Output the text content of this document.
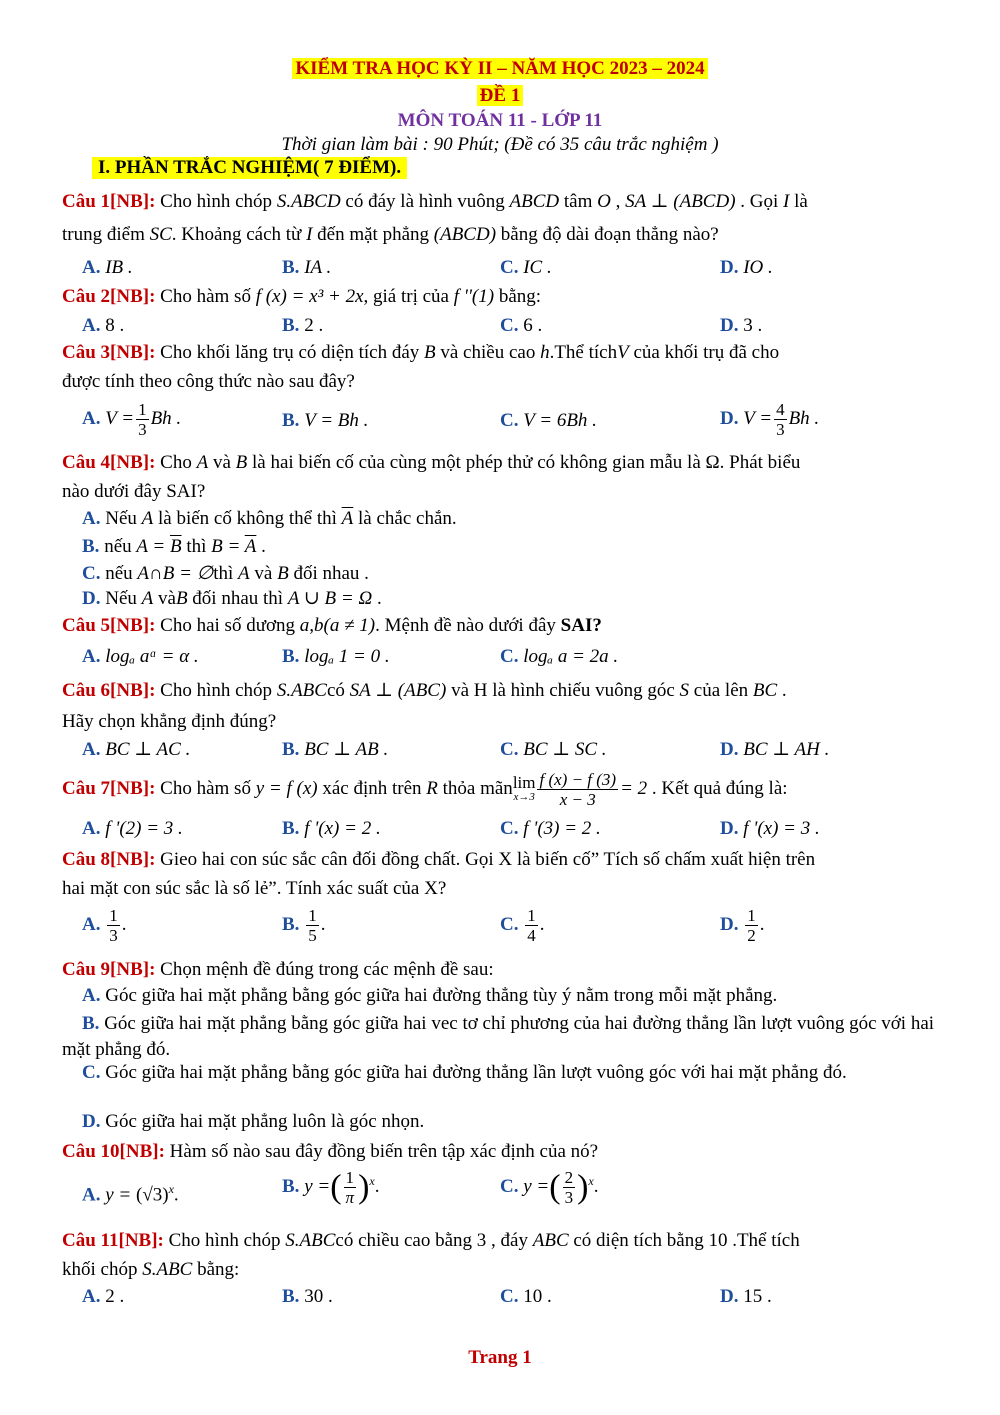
KIỂM TRA HỌC KỲ II – NĂM HỌC 2023 – 2024
ĐỀ 1
MÔN TOÁN 11 - LỚP 11
Thời gian làm bài : 90 Phút; (Đề có 35 câu trắc nghiệm )
I. PHẦN TRẮC NGHIỆM( 7 ĐIỂM).
Câu 1[NB]: Cho hình chóp S.ABCD có đáy là hình vuông ABCD tâm O , SA ⊥ (ABCD) . Gọi I là
trung điểm SC. Khoảng cách từ I đến mặt phẳng (ABCD) bằng độ dài đoạn thẳng nào?
A. IB .	B. IA .	C. IC .	D. IO .
Câu 2[NB]: Cho hàm số f (x) = x³ + 2x, giá trị của f ''(1) bằng:
A. 8 .	B. 2 .	C. 6 .	D. 3 .
Câu 3[NB]: Cho khối lăng trụ có diện tích đáy B và chiều cao h.Thể tíchV của khối trụ đã cho
được tính theo công thức nào sau đây?
A. $V = \frac{1}{3}$ Bh .	B. V = Bh .	C. V = 6Bh .	D. $V = \frac{4}{3}$ Bh .
Câu 4[NB]: Cho A và B là hai biến cố của cùng một phép thử có không gian mẫu là Ω. Phát biểu
nào dưới đây SAI?
A. Nếu A là biến cố không thể thì $\overline{A}$ là chắc chắn.
B. nếu $A = \overline{B}$ thì $B = \overline{A}$ .
C. nếu A∩B = ∅thì A và B đối nhau .
D. Nếu A vàB đối nhau thì A ∪ B = Ω .
Câu 5[NB]: Cho hai số dương a,b(a ≠ 1). Mệnh đề nào dưới đây SAI?
A. logₐ aᵅ = α .	B. logₐ 1 = 0 .	C. logₐ a = 2a .
Câu 6[NB]: Cho hình chóp S.ABCcó SA ⊥ (ABC) và H là hình chiếu vuông góc S của lên BC .
Hãy chọn khẳng định đúng?
A. BC ⊥ AC .	B. BC ⊥ AB .	C. BC ⊥ SC .	D. BC ⊥ AH .
Câu 7[NB]: Cho hàm số y = f (x) xác định trên R thỏa mãn lim
$x\to 3 \frac{f (x) - f (3)}{x - 3} = 2$ . Kết quả đúng là:
A. f '(2) = 3 .	B. f '(x) = 2 .	C. f '(3) = 2 .	D. f '(x) = 3 .
Câu 8[NB]: Gieo hai con súc sắc cân đối đồng chất. Gọi X là biến cố” Tích số chấm xuất hiện trên
hai mặt con súc sắc là số lẻ”. Tính xác suất của X?
A. $\frac{1}{3}$ .	B. $\frac{1}{5}$ .	C. $\frac{1}{4}$ .	D. $\frac{1}{2}$ .
Câu 9[NB]: Chọn mệnh đề đúng trong các mệnh đề sau:
A. Góc giữa hai mặt phẳng bằng góc giữa hai đường thẳng tùy ý nằm trong mỗi mặt phẳng.
B. Góc giữa hai mặt phẳng bằng góc giữa hai vec tơ chỉ phương của hai đường thẳng lần lượt vuông góc với hai mặt phẳng đó.
C. Góc giữa hai mặt phẳng bằng góc giữa hai đường thẳng lần lượt vuông góc với hai mặt phẳng đó.
D. Góc giữa hai mặt phẳng luôn là góc nhọn.
Câu 10[NB]: Hàm số nào sau đây đồng biến trên tập xác định của nó?
A. $y = (√3)^x$.	B. y =( $\frac{1}{\pi} )^x$.	C. y =( $\frac{2}{3} )^x$.
Câu 11[NB]: Cho hình chóp S.ABCcó chiều cao bằng 3 , đáy ABC có diện tích bằng 10 .Thể tích
khối chóp S.ABC bằng:
A. 2 .	B. 30 .	C. 10 .	D. 15 .
Trang 1
